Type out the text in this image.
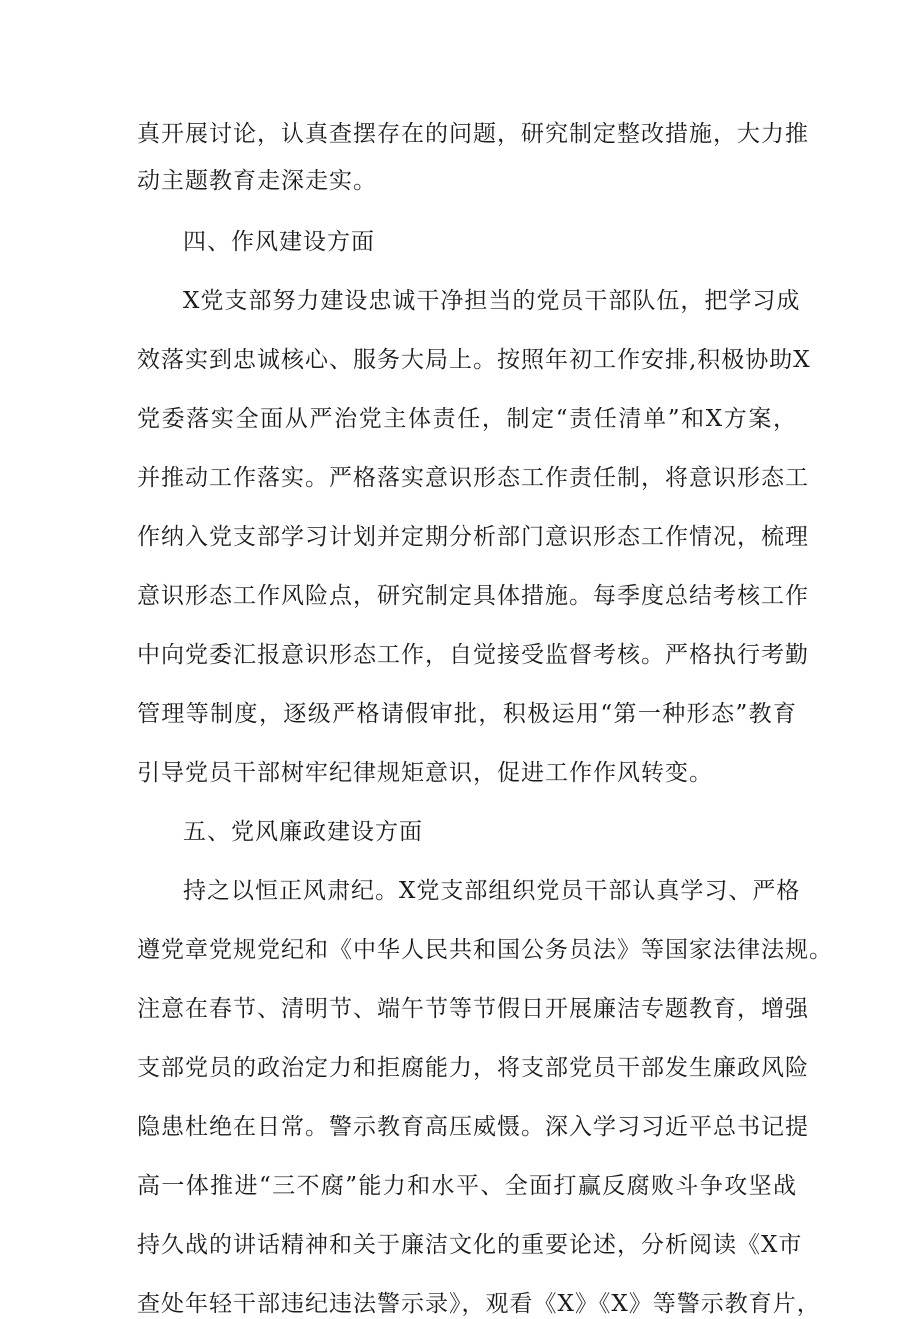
真开展讨论，认真查摆存在的问题，研究制定整改措施，大力推
动主题教育走深走实。
四、作风建设方面
X党支部努力建设忠诚干净担当的党员干部队伍，把学习成
效落实到忠诚核心、服务大局上。按照年初工作安排,积极协助X
党委落实全面从严治党主体责任，制定“责任清单”和X方案，
并推动工作落实。严格落实意识形态工作责任制，将意识形态工
作纳入党支部学习计划并定期分析部门意识形态工作情况，梳理
意识形态工作风险点，研究制定具体措施。每季度总结考核工作
中向党委汇报意识形态工作，自觉接受监督考核。严格执行考勤
管理等制度，逐级严格请假审批，积极运用“第一种形态”教育
引导党员干部树牢纪律规矩意识，促进工作作风转变。
五、党风廉政建设方面
持之以恒正风肃纪。X党支部组织党员干部认真学习、严格
遵党章党规党纪和《中华人民共和国公务员法》等国家法律法规。
注意在春节、清明节、端午节等节假日开展廉洁专题教育，增强
支部党员的政治定力和拒腐能力，将支部党员干部发生廉政风险
隐患杜绝在日常。警示教育高压威慑。深入学习习近平总书记提
高一体推进“三不腐”能力和水平、全面打赢反腐败斗争攻坚战
持久战的讲话精神和关于廉洁文化的重要论述，分析阅读《X市
查处年轻干部违纪违法警示录》，观看《X》《X》等警示教育片，
